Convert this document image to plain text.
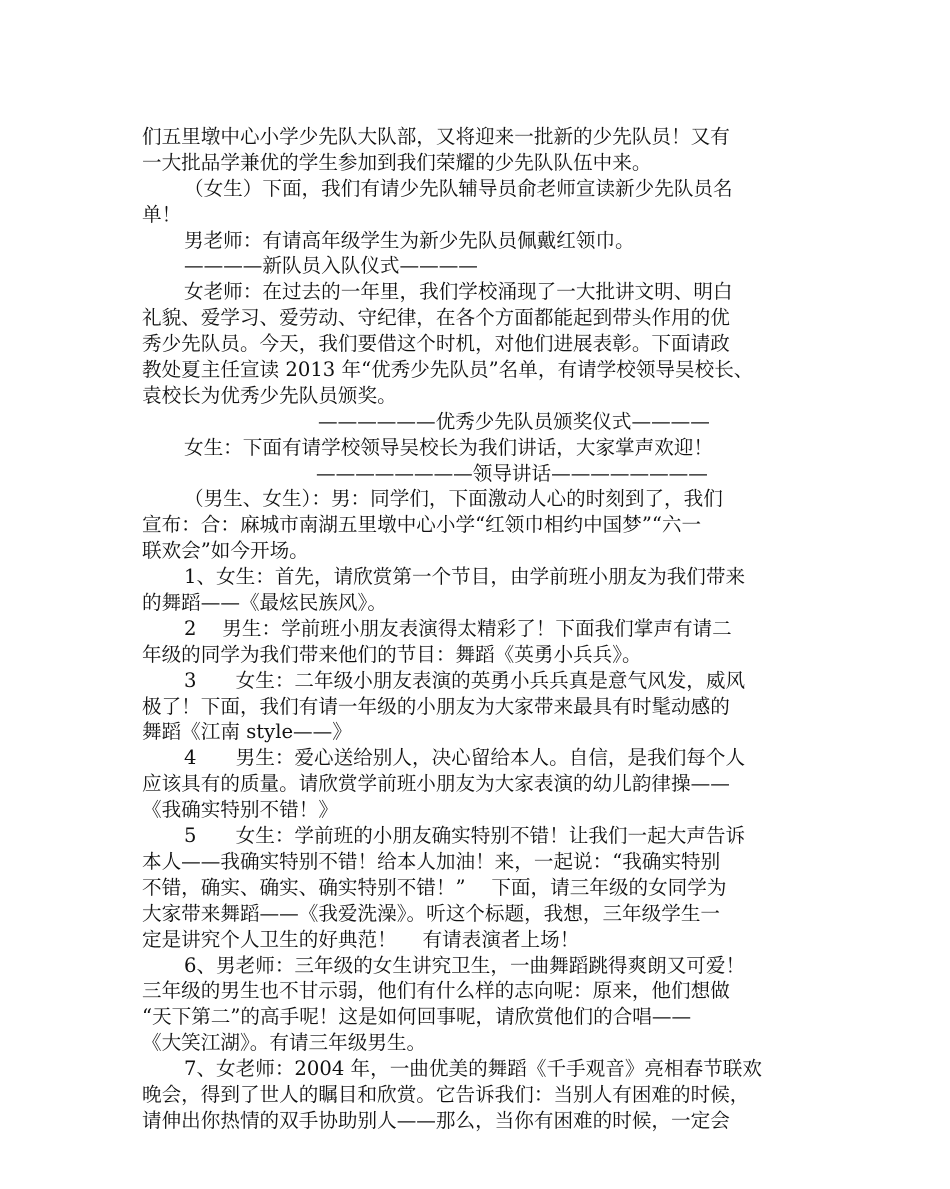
们五里墩中心小学少先队大队部，又将迎来一批新的少先队员！又有
一大批品学兼优的学生参加到我们荣耀的少先队队伍中来。
（女生）下面，我们有请少先队辅导员俞老师宣读新少先队员名
单！
男老师：有请高年级学生为新少先队员佩戴红领巾。
————新队员入队仪式————
女老师：在过去的一年里，我们学校涌现了一大批讲文明、明白
礼貌、爱学习、爱劳动、守纪律，在各个方面都能起到带头作用的优
秀少先队员。今天，我们要借这个时机，对他们进展表彰。下面请政
教处夏主任宣读 2013 年“优秀少先队员”名单，有请学校领导吴校长、
袁校长为优秀少先队员颁奖。
——————优秀少先队员颁奖仪式————
女生：下面有请学校领导吴校长为我们讲话，大家掌声欢迎！
————————领导讲话————————
（男生、女生）：男：同学们，下面激动人心的时刻到了，我们
宣布：合：麻城市南湖五里墩中心小学“红领巾相约中国梦”“六一
联欢会”如今开场。
1、女生：首先，请欣赏第一个节目，由学前班小朋友为我们带来
的舞蹈——《最炫民族风》。
2　 男生：学前班小朋友表演得太精彩了！下面我们掌声有请二
年级的同学为我们带来他们的节目：舞蹈《英勇小兵兵》。
3　　女生：二年级小朋友表演的英勇小兵兵真是意气风发，威风
极了！下面，我们有请一年级的小朋友为大家带来最具有时髦动感的
舞蹈《江南 style——》
4　　男生：爱心送给别人，决心留给本人。自信，是我们每个人
应该具有的质量。请欣赏学前班小朋友为大家表演的幼儿韵律操——
《我确实特别不错！》
5　　女生：学前班的小朋友确实特别不错！让我们一起大声告诉
本人——我确实特别不错！给本人加油！来，一起说：“我确实特别
不错，确实、确实、确实特别不错！”　 下面，请三年级的女同学为
大家带来舞蹈——《我爱洗澡》。听这个标题，我想，三年级学生一
定是讲究个人卫生的好典范！　 有请表演者上场！
6、男老师：三年级的女生讲究卫生，一曲舞蹈跳得爽朗又可爱！
三年级的男生也不甘示弱，他们有什么样的志向呢：原来，他们想做
“天下第二”的高手呢！这是如何回事呢，请欣赏他们的合唱——
《大笑江湖》。有请三年级男生。
7、女老师：2004 年，一曲优美的舞蹈《千手观音》亮相春节联欢
晚会，得到了世人的瞩目和欣赏。它告诉我们：当别人有困难的时候，
请伸出你热情的双手协助别人——那么，当你有困难的时候，一定会
